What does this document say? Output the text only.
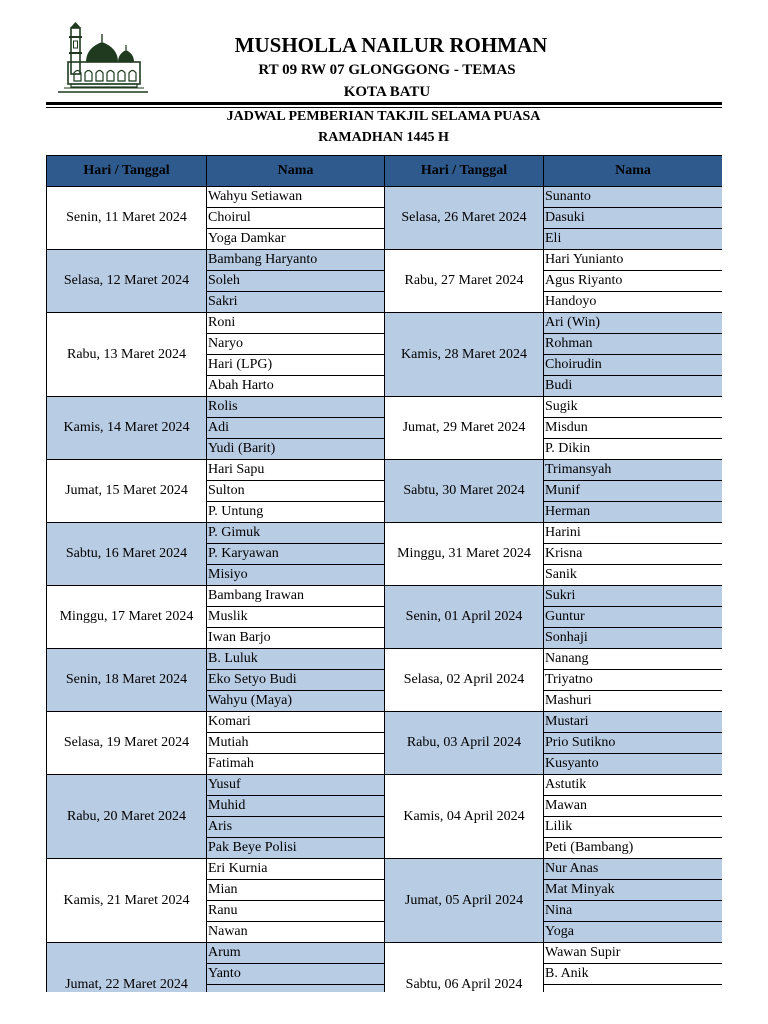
MUSHOLLA NAILUR ROHMAN
RT 09 RW 07 GLONGGONG - TEMAS
KOTA BATU
JADWAL PEMBERIAN TAKJIL SELAMA PUASA
RAMADHAN 1445 H
Hari / Tanggal	Nama	Hari / Tanggal	Nama
Senin, 11 Maret 2024	Wahyu Setiawan	Selasa, 26 Maret 2024	Sunanto
	Choirul		Dasuki
	Yoga Damkar		Eli
Selasa, 12 Maret 2024	Bambang Haryanto	Rabu, 27 Maret 2024	Hari Yunianto
	Soleh		Agus Riyanto
	Sakri		Handoyo
Rabu, 13 Maret 2024	Roni	Kamis, 28 Maret 2024	Ari (Win)
	Naryo		Rohman
	Hari (LPG)		Choirudin
	Abah Harto		Budi
Kamis, 14 Maret 2024	Rolis	Jumat, 29 Maret 2024	Sugik
	Adi		Misdun
	Yudi (Barit)		P. Dikin
Jumat, 15 Maret 2024	Hari Sapu	Sabtu, 30 Maret 2024	Trimansyah
	Sulton		Munif
	P. Untung		Herman
Sabtu, 16 Maret 2024	P. Gimuk	Minggu, 31 Maret 2024	Harini
	P. Karyawan		Krisna
	Misiyo		Sanik
Minggu, 17 Maret 2024	Bambang Irawan	Senin, 01 April 2024	Sukri
	Muslik		Guntur
	Iwan Barjo		Sonhaji
Senin, 18 Maret 2024	B. Luluk	Selasa, 02 April 2024	Nanang
	Eko Setyo Budi		Triyatno
	Wahyu (Maya)		Mashuri
Selasa, 19 Maret 2024	Komari	Rabu, 03 April 2024	Mustari
	Mutiah		Prio Sutikno
	Fatimah		Kusyanto
Rabu, 20 Maret 2024	Yusuf	Kamis, 04 April 2024	Astutik
	Muhid		Mawan
	Aris		Lilik
	Pak Beye Polisi		Peti (Bambang)
Kamis, 21 Maret 2024	Eri Kurnia	Jumat, 05 April 2024	Nur Anas
	Mian		Mat Minyak
	Ranu		Nina
	Nawan		Yoga
Jumat, 22 Maret 2024	Arum	Sabtu, 06 April 2024	Wawan Supir
	Yanto		B. Anik
